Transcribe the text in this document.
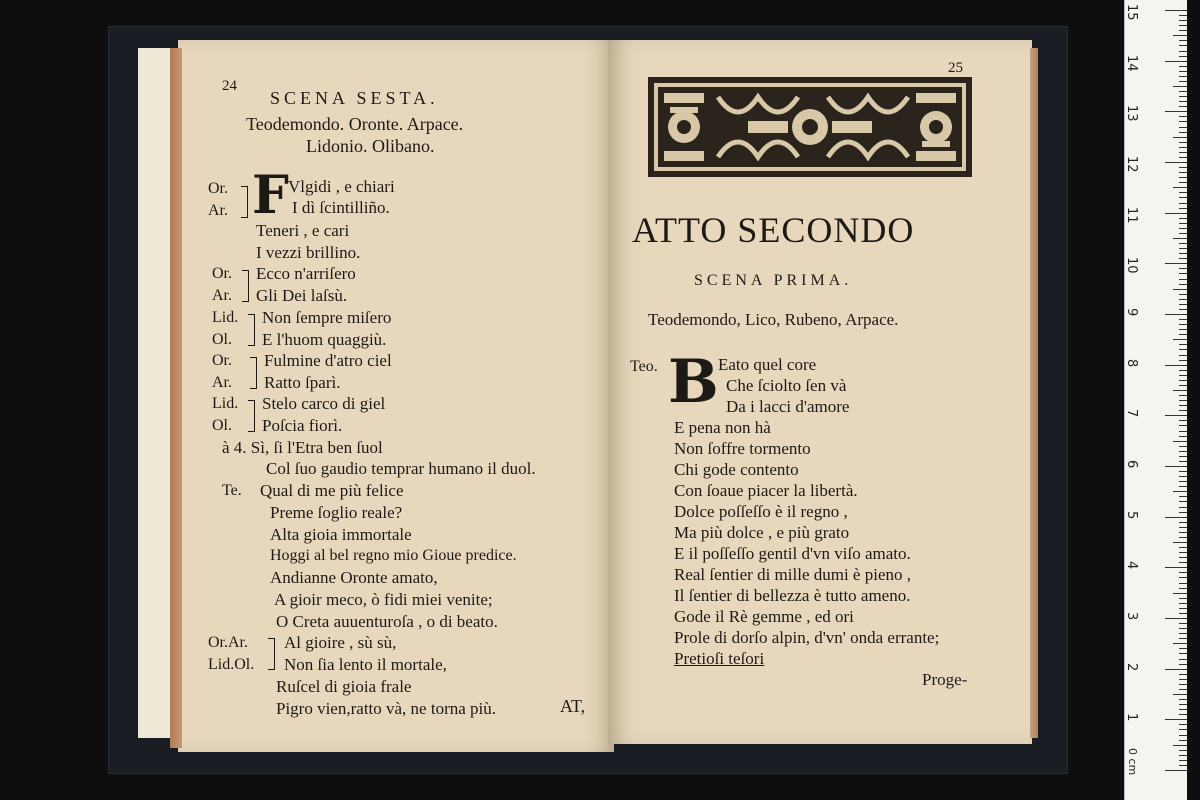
24
SCENA SESTA.
Teodemondo. Oronte. Arpace.
Lidonio. Olibano.
F
Or.
Ar.
Vlgidi , e chiari
I dì ſcintilliño.
Teneri , e cari
I vezzi brillino.
Or.
Ar.
Ecco n'arriſero
Gli Dei laſsù.
Lid.
Ol.
Non ſempre miſero
E l'huom quaggiù.
Or.
Ar.
Fulmine d'atro ciel
Ratto ſparì.
Lid.
Ol.
Stelo carco di giel
Poſcia fiorì.
à 4. Sì, ſi l'Etra ben ſuol
Col ſuo gaudio temprar humano il duol.
Te. Qual di me più felice
Preme ſoglio reale?
Alta gioia immortale
Hoggi al bel regno mio Gioue predice.
Andianne Oronte amato,
A gioir meco, ò fidi miei venite;
O Creta auuenturoſa , o di beato.
Or.Ar.
Lid.Ol.
Al gioire , sù sù,
Non ſia lento il mortale,
Ruſcel di gioia frale
Pigro vien,ratto và, ne torna più.	AT,
25
ATTO SECONDO
SCENA PRIMA.
Teodemondo, Lico, Rubeno, Arpace.
Teo. B Eato quel core
Che ſciolto ſen và
Da i lacci d'amore
E pena non hà
Non ſoffre tormento
Chi gode contento
Con ſoaue piacer la libertà.
Dolce poſſeſſo è il regno ,
Ma più dolce , e più grato
E il poſſeſſo gentil d'vn viſo amato.
Real ſentier di mille dumi è pieno ,
Il ſentier di bellezza è tutto ameno.
Gode il Rè gemme , ed ori
Prole di dorſo alpin, d'vn' onda errante;
Pretioſi teſori
Proge-
0 cm
1
2
3
4
5
6
7
8
9
10
11
12
13
14
15
